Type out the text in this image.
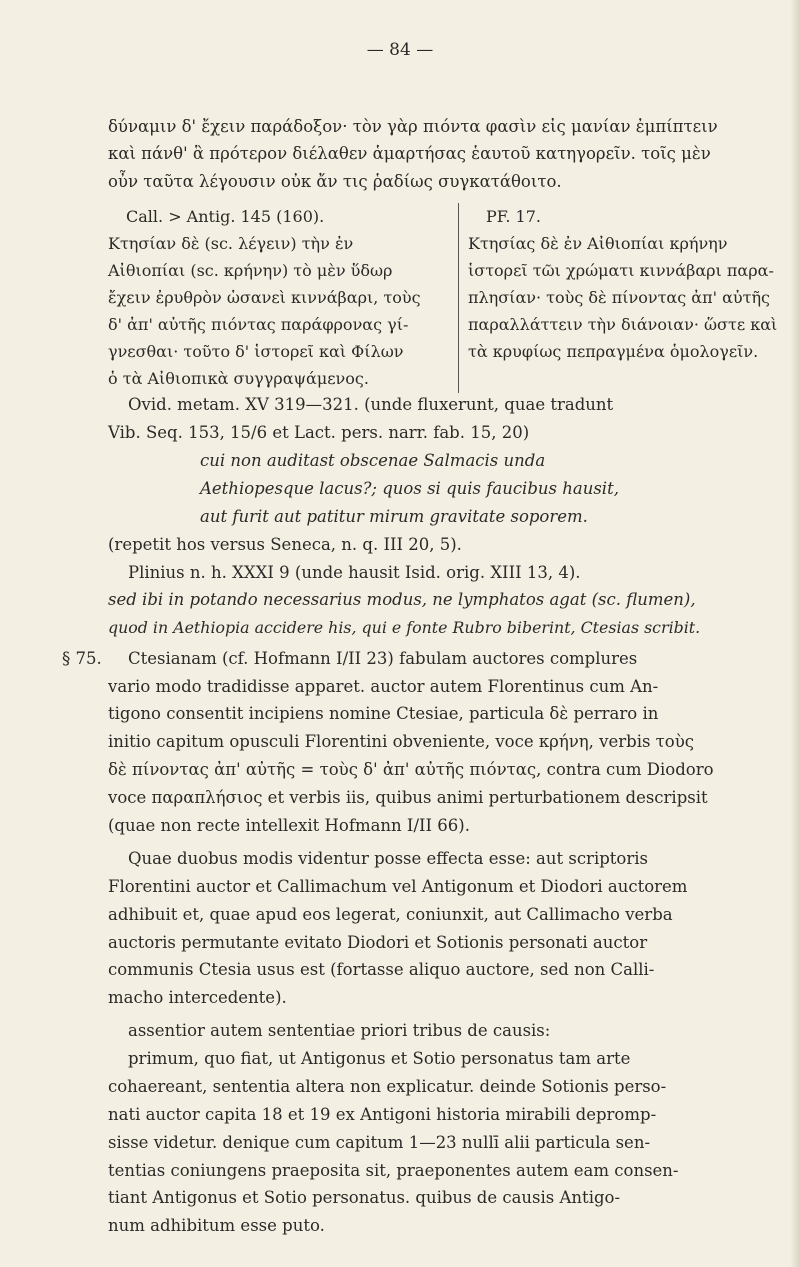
— 84 —
δύναμιν δ' ἔχειν παράδοξον· τὸν γὰρ πιόντα φασὶν εἰς μανίαν ἐμπίπτειν
καὶ πάνθ' ἃ πρότερον διέλαθεν ἁμαρτήσας ἑαυτοῦ κατηγορεῖν. τοῖς μὲν
οὖν ταῦτα λέγουσιν οὐκ ἄν τις ῥαδίως συγκατάθοιτο.
Call. > Antig. 145 (160).
Κτησίαν δὲ (sc. λέγειν) τὴν ἐν
Αἰθιοπίαι (sc. κρήνην) τὸ μὲν ὕδωρ
ἔχειν ἐρυθρὸν ὡσανεὶ κιννάβαρι, τοὺς
δ' ἀπ' αὐτῆς πιόντας παράφρονας γί-
γνεσθαι· τοῦτο δ' ἱστορεῖ καὶ Φίλων
ὁ τὰ Αἰθιοπικὰ συγγραψάμενος.
PF. 17.
Κτησίας δὲ ἐν Αἰθιοπίαι κρήνην
ἱστορεῖ τῶι χρώματι κιννάβαρι παρα-
πλησίαν· τοὺς δὲ πίνοντας ἀπ' αὐτῆς
παραλλάττειν τὴν διάνοιαν· ὥστε καὶ
τὰ κρυφίως πεπραγμένα ὁμολογεῖν.
Ovid. metam. XV 319—321. (unde fluxerunt, quae tradunt
Vib. Seq. 153, 15/6 et Lact. pers. narr. fab. 15, 20)
cui non auditast obscenae Salmacis unda
Aethiopesque lacus?; quos si quis faucibus hausit,
aut furit aut patitur mirum gravitate soporem.
(repetit hos versus Seneca, n. q. III 20, 5).
Plinius n. h. XXXI 9 (unde hausit Isid. orig. XIII 13, 4).
sed ibi in potando necessarius modus, ne lymphatos agat (sc. flumen),
quod in Aethiopia accidere his, qui e fonte Rubro biberint, Ctesias scribit.
§ 75. Ctesianam (cf. Hofmann I/II 23) fabulam auctores complures
vario modo tradidisse apparet. auctor autem Florentinus cum An-
tigono consentit incipiens nomine Ctesiae, particula δὲ perraro in
initio capitum opusculi Florentini obveniente, voce κρήνη, verbis τοὺς
δὲ πίνοντας ἀπ' αὐτῆς = τοὺς δ' ἀπ' αὐτῆς πιόντας, contra cum Diodoro
voce παραπλήσιος et verbis iis, quibus animi perturbationem descripsit
(quae non recte intellexit Hofmann I/II 66).
Quae duobus modis videntur posse effecta esse: aut scriptoris
Florentini auctor et Callimachum vel Antigonum et Diodori auctorem
adhibuit et, quae apud eos legerat, coniunxit, aut Callimacho verba
auctoris permutante evitato Diodori et Sotionis personati auctor
communis Ctesia usus est (fortasse aliquo auctore, sed non Calli-
macho intercedente).
assentior autem sententiae priori tribus de causis:
primum, quo fiat, ut Antigonus et Sotio personatus tam arte
cohaereant, sententia altera non explicatur. deinde Sotionis perso-
nati auctor capita 18 et 19 ex Antigoni historia mirabili depromp-
sisse videtur. denique cum capitum 1—23 nullī alii particula sen-
tentias coniungens praeposita sit, praeponentes autem eam consen-
tiant Antigonus et Sotio personatus. quibus de causis Antigo-
num adhibitum esse puto.
